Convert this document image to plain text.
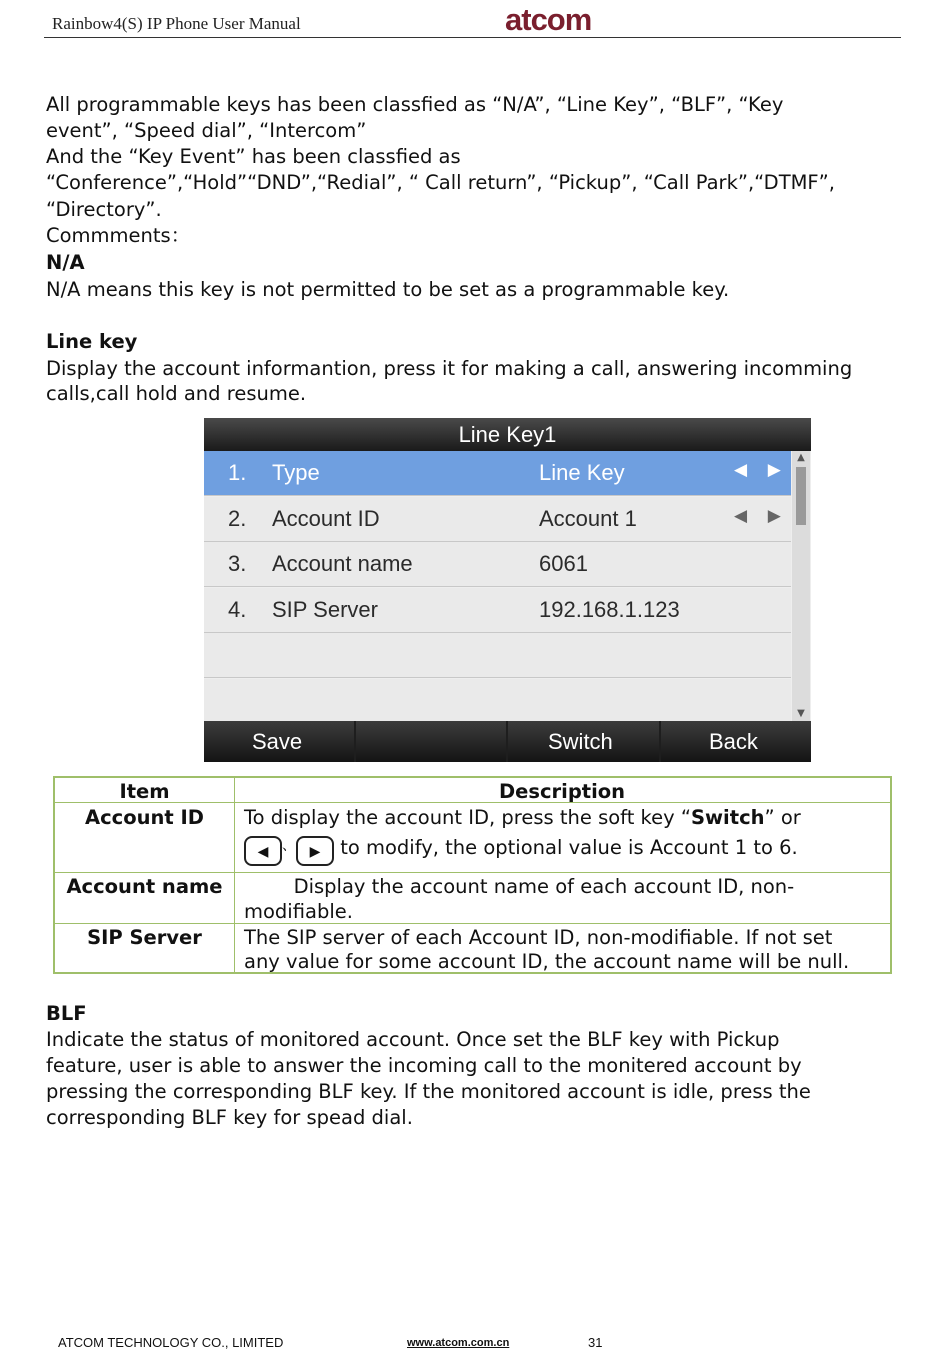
Rainbow4(S) IP Phone User Manual	atcom
All programmable keys has been classfied as “N/A”, “Line Key”, “BLF”, “Key
event”, “Speed dial”, “Intercom”
And the “Key Event” has been classfied as
“Conference”,“Hold”“DND”,“Redial”, “ Call return”, “Pickup”, “Call Park”,“DTMF”,
“Directory”.
Commments：
N/A
N/A means this key is not permitted to be set as a programmable key.
Line key
Display the account informantion, press it for making a call, answering incomming
calls,call hold and resume.
Line Key1
1. Type	Line Key	◀ ▶
2. Account ID	Account 1	◀ ▶
3. Account name	6061
4. SIP Server	192.168.1.123
▲
▼
Save	Switch	Back
Item	Description
Account ID	To display the account ID, press the soft key “Switch” or
◀ 、 ▶ to modify, the optional value is Account 1 to 6.
Account name	Display the account name of each account ID, non-
modifiable.
SIP Server	The SIP server of each Account ID, non-modifiable. If not set
any value for some account ID, the account name will be null.
BLF
Indicate the status of monitored account. Once set the BLF key with Pickup
feature, user is able to answer the incoming call to the monitered account by
pressing the corresponding BLF key. If the monitored account is idle, press the
corresponding BLF key for spead dial.
ATCOM TECHNOLOGY CO., LIMITED	www.atcom.com.cn	31
